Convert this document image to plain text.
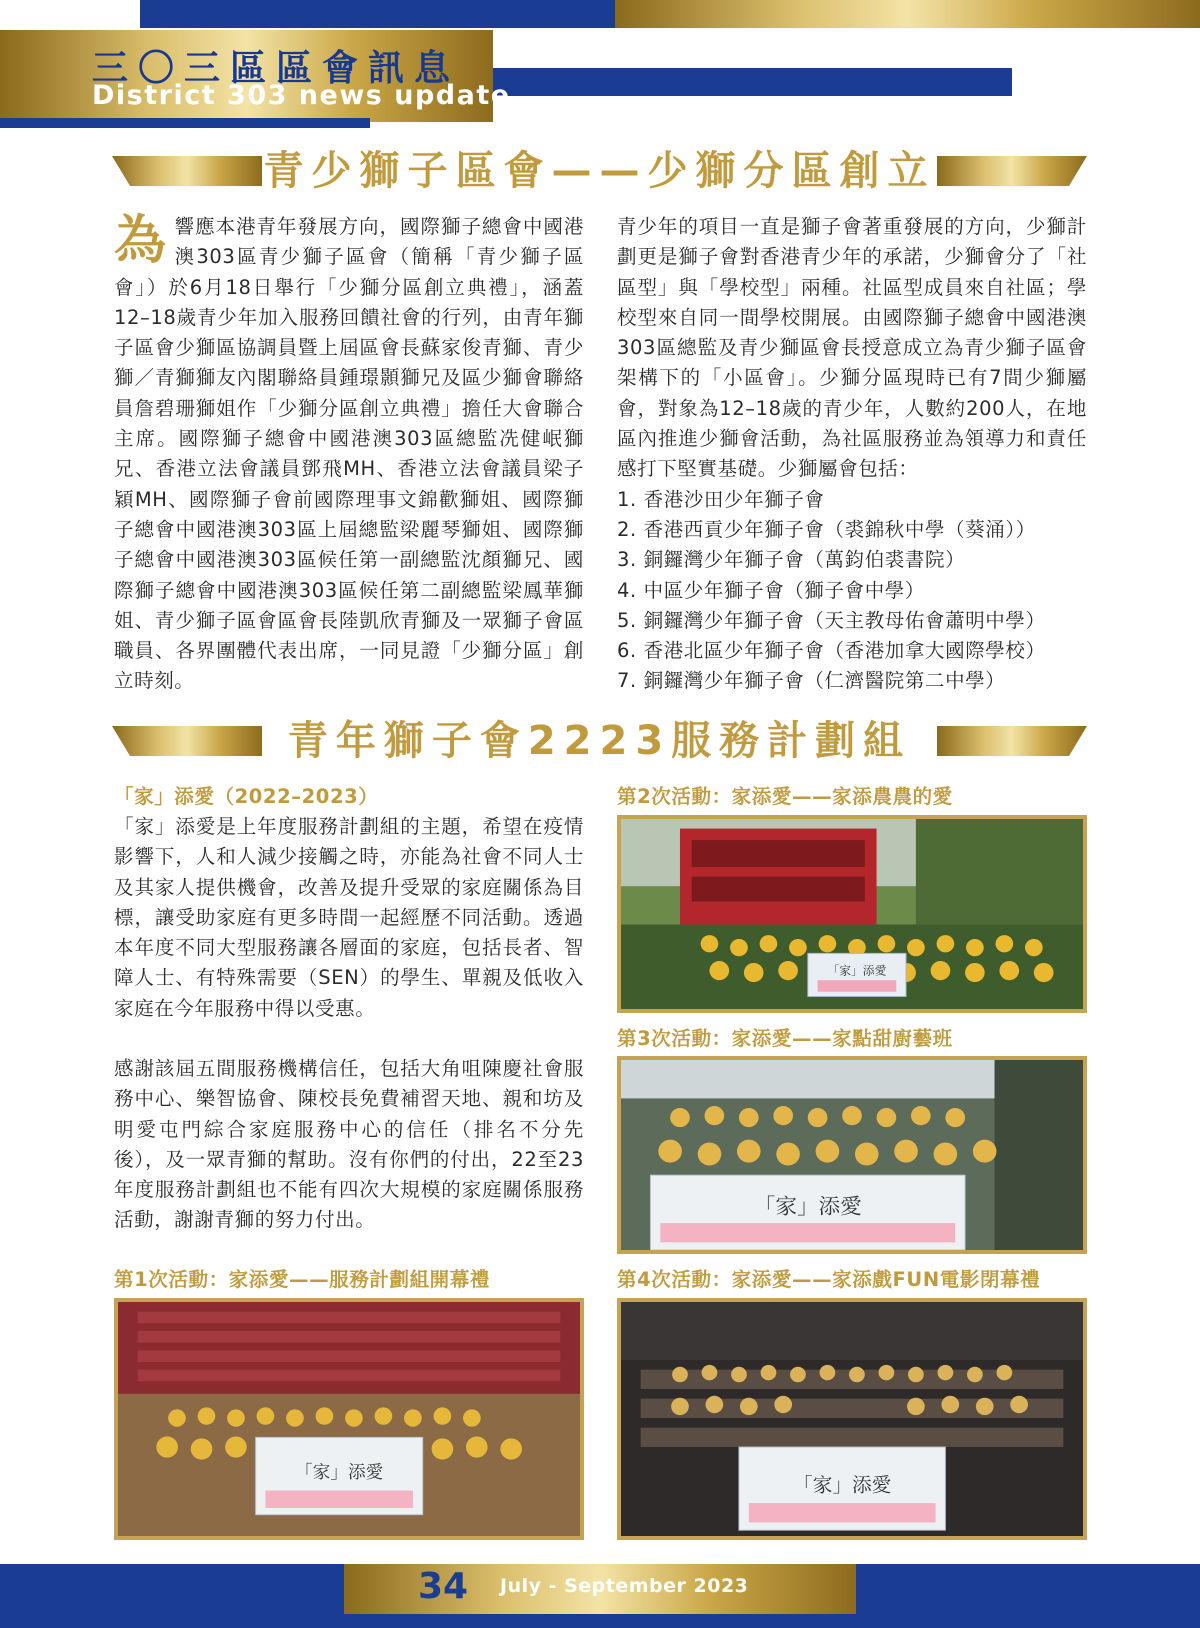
三〇三區區會訊息
District 303 news update
青少獅子區會——少獅分區創立
為響應本港青年發展方向，國際獅子總會中國港澳303區青少獅子區會（簡稱「青少獅子區會」）於6月18日舉行「少獅分區創立典禮」，涵蓋12–18歲青少年加入服務回饋社會的行列，由青年獅子區會少獅區協調員暨上屆區會長蘇家俊青獅、青少獅／青獅獅友內閣聯絡員鍾璟顥獅兄及區少獅會聯絡員詹碧珊獅姐作「少獅分區創立典禮」擔任大會聯合主席。國際獅子總會中國港澳303區總監冼健岷獅兄、香港立法會議員鄧飛MH、香港立法會議員梁子穎MH、國際獅子會前國際理事文錦歡獅姐、國際獅子總會中國港澳303區上屆總監梁麗琴獅姐、國際獅子總會中國港澳303區候任第一副總監沈顏獅兄、國際獅子總會中國港澳303區候任第二副總監梁鳳華獅姐、青少獅子區會區會長陸凱欣青獅及一眾獅子會區職員、各界團體代表出席，一同見證「少獅分區」創立時刻。
青少年的項目一直是獅子會著重發展的方向，少獅計劃更是獅子會對香港青少年的承諾，少獅會分了「社區型」與「學校型」兩種。社區型成員來自社區；學校型來自同一間學校開展。由國際獅子總會中國港澳303區總監及青少獅區會長授意成立為青少獅子區會架構下的「小區會」。少獅分區現時已有7間少獅屬會，對象為12–18歲的青少年，人數約200人，在地區內推進少獅會活動，為社區服務並為領導力和責任感打下堅實基礎。少獅屬會包括：
1. 香港沙田少年獅子會
2. 香港西貢少年獅子會（裘錦秋中學（葵涌））
3. 銅鑼灣少年獅子會（萬鈞伯裘書院）
4. 中區少年獅子會（獅子會中學）
5. 銅鑼灣少年獅子會（天主教母佑會蕭明中學）
6. 香港北區少年獅子會（香港加拿大國際學校）
7. 銅鑼灣少年獅子會（仁濟醫院第二中學）
青年獅子會2223服務計劃組
「家」添愛（2022–2023）
「家」添愛是上年度服務計劃組的主題，希望在疫情影響下，人和人減少接觸之時，亦能為社會不同人士及其家人提供機會，改善及提升受眾的家庭關係為目標，讓受助家庭有更多時間一起經歷不同活動。透過本年度不同大型服務讓各層面的家庭，包括長者、智障人士、有特殊需要（SEN）的學生、單親及低收入家庭在今年服務中得以受惠。
感謝該屆五間服務機構信任，包括大角咀陳慶社會服務中心、樂智協會、陳校長免費補習天地、親和坊及明愛屯門綜合家庭服務中心的信任（排名不分先後），及一眾青獅的幫助。沒有你們的付出，22至23年度服務計劃組也不能有四次大規模的家庭關係服務活動，謝謝青獅的努力付出。
第2次活動：家添愛——家添農農的愛
第3次活動：家添愛——家點甜廚藝班
第4次活動：家添愛——家添戲FUN電影閉幕禮
第1次活動：家添愛——服務計劃組開幕禮
「家」添愛
「家」添愛
「家」添愛
「家」添愛
34 July - September 2023
